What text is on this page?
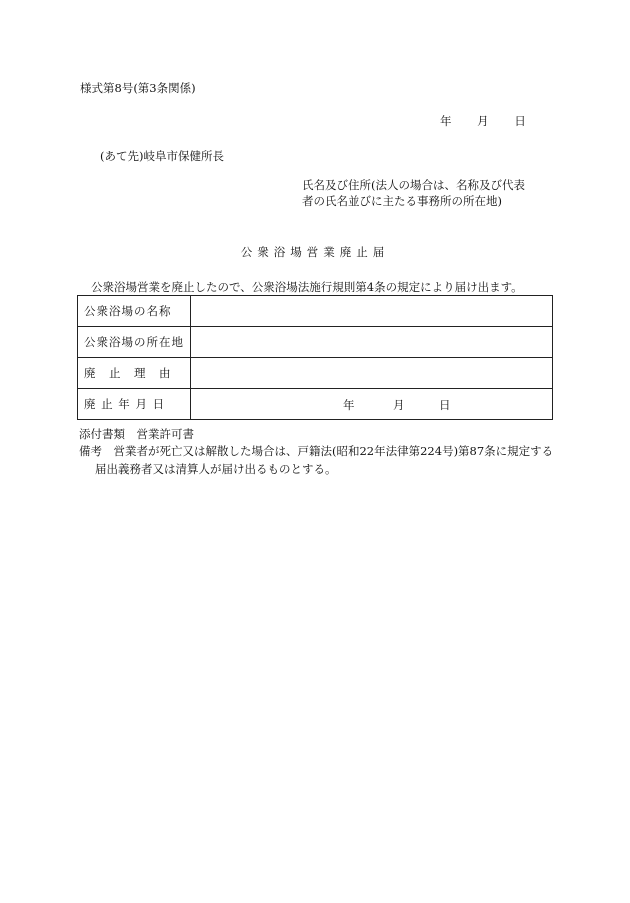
様式第8号(第3条関係)
年 月 日
(あて先)岐阜市保健所長
氏名及び住所(法人の場合は、名称及び代表
者の氏名並びに主たる事務所の所在地)
公衆浴場営業廃止届
公衆浴場営業を廃止したので、公衆浴場法施行規則第4条の規定により届け出ます。
公衆浴場の名称	
公衆浴場の所在地	
廃　止　理　由	
廃 止 年 月 日	年 月 日
添付書類　営業許可書
備考　営業者が死亡又は解散した場合は、戸籍法(昭和22年法律第224号)第87条に規定する
届出義務者又は清算人が届け出るものとする。
